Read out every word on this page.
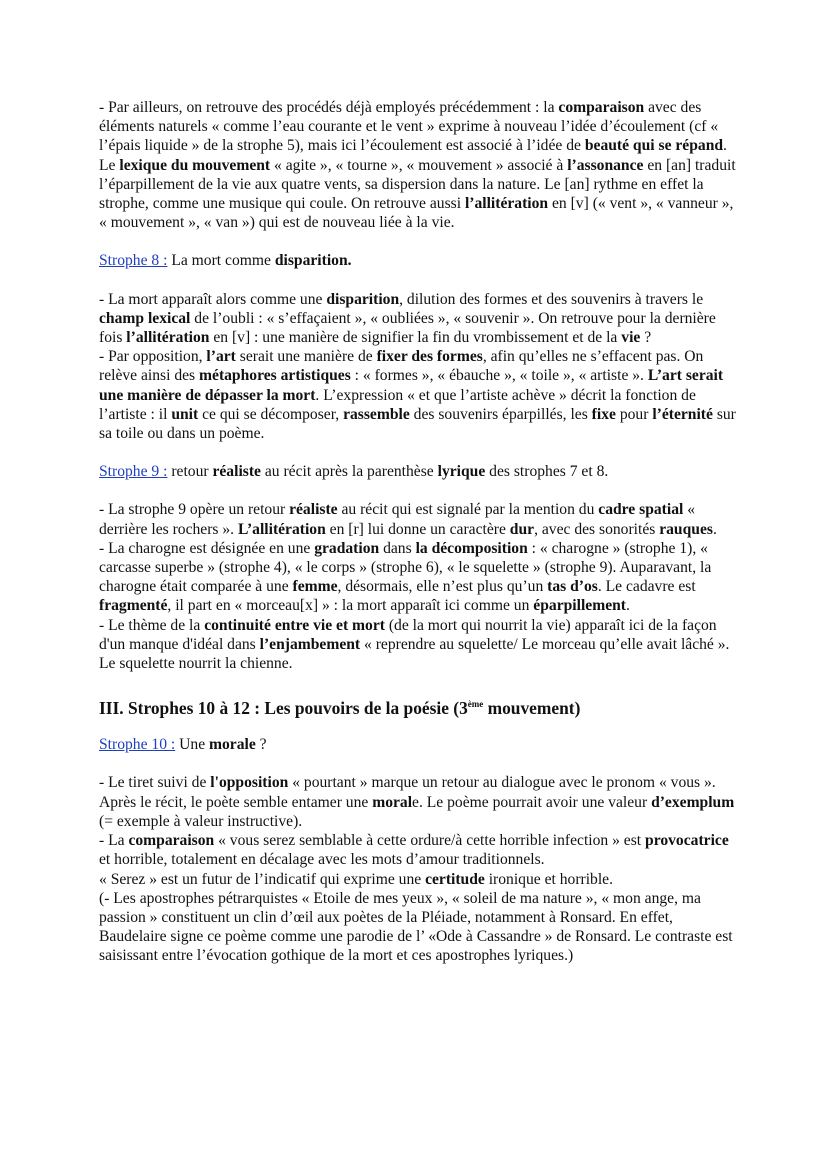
- Par ailleurs, on retrouve des procédés déjà employés précédemment : la comparaison avec des éléments naturels « comme l’eau courante et le vent » exprime à nouveau l’idée d’écoulement (cf « l’épais liquide » de la strophe 5), mais ici l’écoulement est associé à l’idée de beauté qui se répand.

Le lexique du mouvement « agite », « tourne », « mouvement » associé à l’assonance en [an] traduit l’éparpillement de la vie aux quatre vents, sa dispersion dans la nature. Le [an] rythme en effet la strophe, comme une musique qui coule. On retrouve aussi l’allitération en [v] (« vent », « vanneur », « mouvement », « van ») qui est de nouveau liée à la vie.

Strophe 8 : La mort comme disparition.

- La mort apparaît alors comme une disparition, dilution des formes et des souvenirs à travers le champ lexical de l’oubli : « s’effaçaient », « oubliées », « souvenir ». On retrouve pour la dernière fois l’allitération en [v] : une manière de signifier la fin du vrombissement et de la vie ?

- Par opposition, l’art serait une manière de fixer des formes, afin qu’elles ne s’effacent pas. On relève ainsi des métaphores artistiques : « formes », « ébauche », « toile », « artiste ». L’art serait une manière de dépasser la mort. L’expression « et que l’artiste achève » décrit la fonction de l’artiste : il unit ce qui se décomposer, rassemble des souvenirs éparpillés, les fixe pour l’éternité sur sa toile ou dans un poème.

Strophe 9 : retour réaliste au récit après la parenthèse lyrique des strophes 7 et 8.

- La strophe 9 opère un retour réaliste au récit qui est signalé par la mention du cadre spatial « derrière les rochers ». L’allitération en [r] lui donne un caractère dur, avec des sonorités rauques.

- La charogne est désignée en une gradation dans la décomposition : « charogne » (strophe 1), « carcasse superbe » (strophe 4), « le corps » (strophe 6), « le squelette » (strophe 9). Auparavant, la charogne était comparée à une femme, désormais, elle n’est plus qu’un tas d’os. Le cadavre est fragmenté, il part en « morceau[x] » : la mort apparaît ici comme un éparpillement.

- Le thème de la continuité entre vie et mort (de la mort qui nourrit la vie) apparaît ici de la façon d'un manque d'idéal dans l’enjambement « reprendre au squelette/ Le morceau qu’elle avait lâché ». Le squelette nourrit la chienne.

III. Strophes 10 à 12 : Les pouvoirs de la poésie (3ème mouvement)

Strophe 10 : Une morale ?

- Le tiret suivi de l'opposition « pourtant » marque un retour au dialogue avec le pronom « vous ». Après le récit, le poète semble entamer une morale. Le poème pourrait avoir une valeur d’exemplum (= exemple à valeur instructive).

- La comparaison « vous serez semblable à cette ordure/à cette horrible infection » est provocatrice et horrible, totalement en décalage avec les mots d’amour traditionnels.

« Serez » est un futur de l’indicatif qui exprime une certitude ironique et horrible.

(- Les apostrophes pétrarquistes « Etoile de mes yeux », « soleil de ma nature », « mon ange, ma passion » constituent un clin d’œil aux poètes de la Pléiade, notamment à Ronsard. En effet, Baudelaire signe ce poème comme une parodie de l’ «Ode à Cassandre » de Ronsard. Le contraste est saisissant entre l’évocation gothique de la mort et ces apostrophes lyriques.)
